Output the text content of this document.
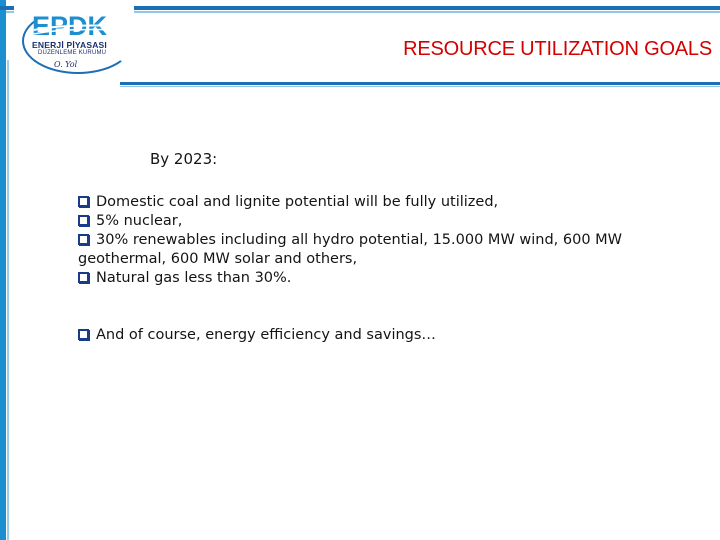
EPDK
ENERJİ PİYASASI
DÜZENLEME KURUMU
O. Yol
RESOURCE UTILIZATION GOALS
By 2023:
Domestic coal and lignite potential will be fully utilized,
5% nuclear,
30% renewables including all hydro potential, 15.000 MW wind, 600 MW geothermal, 600 MW solar and others,
Natural gas less than 30%.
And of course, energy efficiency and savings…
